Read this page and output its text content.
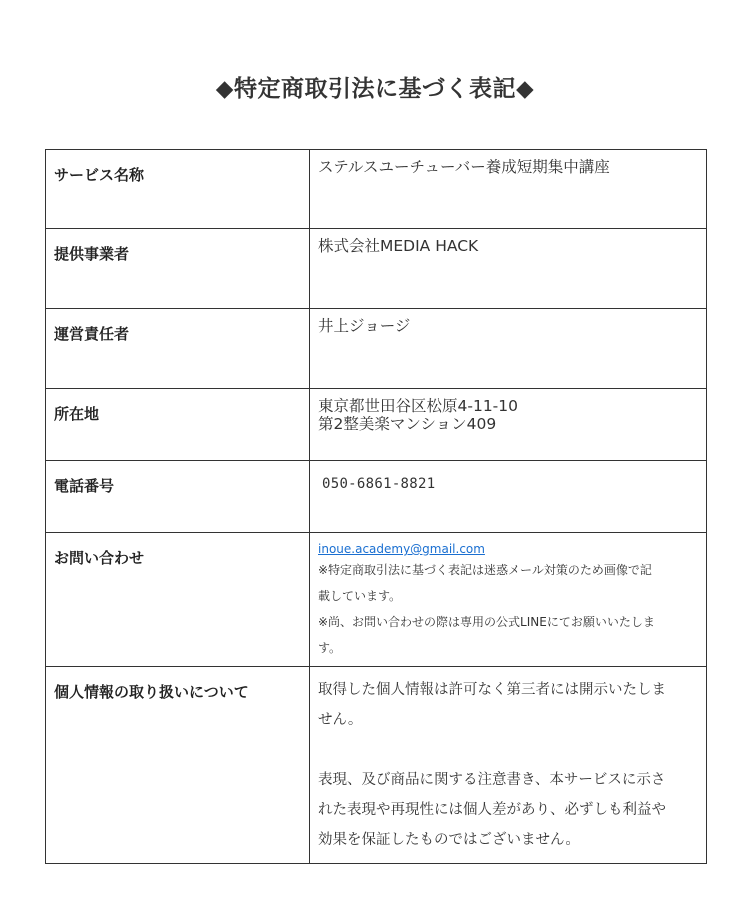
◆特定商取引法に基づく表記◆
サービス名称	ステルスユーチューバー養成短期集中講座

提供事業者	株式会社MEDIA HACK

運営責任者	井上ジョージ

所在地	東京都世田谷区松原4-11-10
第2整美楽マンション409

電話番号	050-6861-8821
お問い合わせ	inoue.academy@gmail.com
※特定商取引法に基づく表記は迷惑メール対策のため画像で記
載しています。
※尚、お問い合わせの際は専用の公式LINEにてお願いいたしま
す。

個人情報の取り扱いについて	取得した個人情報は許可なく第三者には開示いたしま

せん。

表現、及び商品に関する注意書き、本サービスに示さ

れた表現や再現性には個人差があり、必ずしも利益や

効果を保証したものではございません。
